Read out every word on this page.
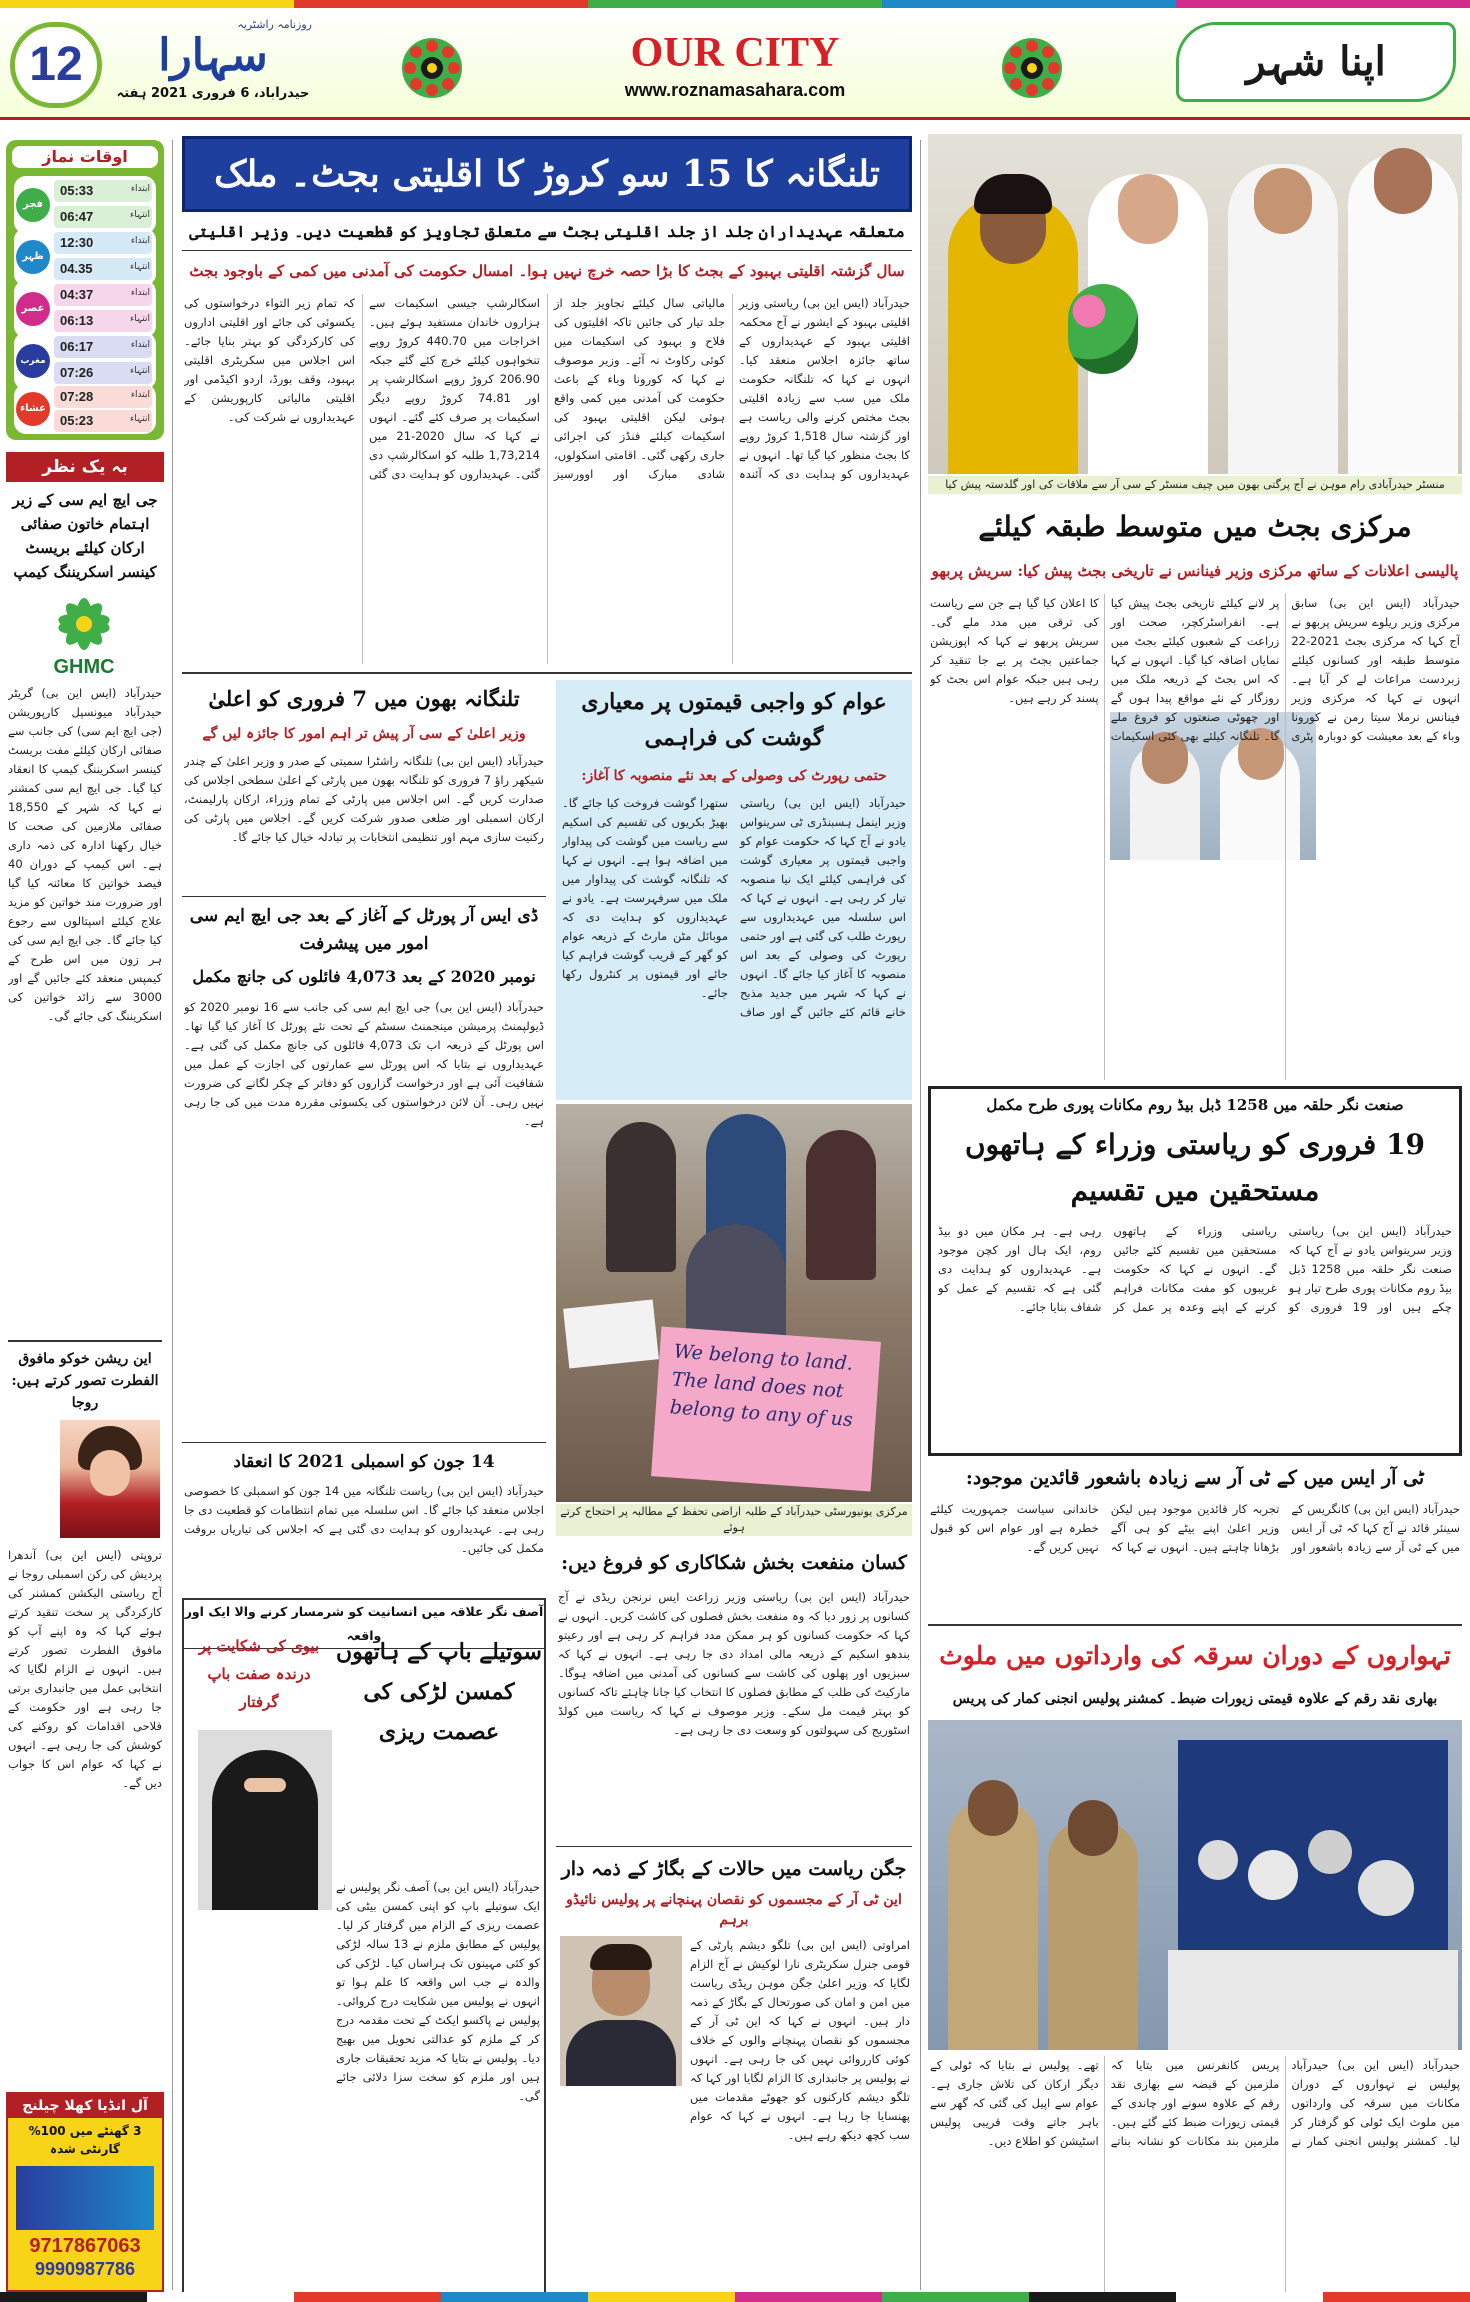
12
روزنامہ راشٹریہ
سہارا
حیدرآباد، 6 فروری 2021 ہفتہ
OUR CITY
www.roznamasahara.com
اپنا شہر
اوقات نماز
فجر
05:33
06:47
ابتداء
انتہاء
ظہر
12:30
04.35
ابتداء
انتہاء
عصر
04:37
06:13
ابتداء
انتہاء
مغرب
06:17
07:26
ابتداء
انتہاء
عشاء
07:28
05:23
ابتداء
انتہاء
بہ یک نظر
جی ایچ ایم سی کے زیر اہتمام خاتون صفائی ارکان کیلئے بریسٹ کینسر اسکریننگ کیمپ
GHMC
حیدرآباد (ایس این بی) گریٹر حیدرآباد میونسپل کارپوریشن (جی ایچ ایم سی) کی جانب سے صفائی ارکان کیلئے مفت بریسٹ کینسر اسکریننگ کیمپ کا انعقاد کیا گیا۔ جی ایچ ایم سی کمشنر نے کہا کہ شہر کے 18,550 صفائی ملازمین کی صحت کا خیال رکھنا ادارہ کی ذمہ داری ہے۔ اس کیمپ کے دوران 40 فیصد خواتین کا معائنہ کیا گیا اور ضرورت مند خواتین کو مزید علاج کیلئے اسپتالوں سے رجوع کیا جائے گا۔ جی ایچ ایم سی کی ہر زون میں اس طرح کے کیمپس منعقد کئے جائیں گے اور 3000 سے زائد خواتین کی اسکریننگ کی جائے گی۔
این ریشن خوکو مافوق الفطرت تصور کرتے ہیں: روجا
تروپتی (ایس این بی) آندھرا پردیش کی رکن اسمبلی روجا نے آج ریاستی الیکشن کمشنر کی کارکردگی پر سخت تنقید کرتے ہوئے کہا کہ وہ اپنے آپ کو مافوق الفطرت تصور کرتے ہیں۔ انہوں نے الزام لگایا کہ انتخابی عمل میں جانبداری برتی جا رہی ہے اور حکومت کے فلاحی اقدامات کو روکنے کی کوشش کی جا رہی ہے۔ انہوں نے کہا کہ عوام اس کا جواب دیں گے۔
آل انڈیا کھلا چیلنج
3 گھنٹے میں 100% گارنٹی شدہ
9717867063
9990987786
تلنگانہ کا 15 سو کروڑ کا اقلیتی بجٹ۔ ملک
متعلقہ عہدیداران جلد از جلد اقلیتی بجٹ سے متعلق تجاویز کو قطعیت دیں۔ وزیر اقلیتی
سال گزشتہ اقلیتی بہبود کے بجٹ کا بڑا حصہ خرچ نہیں ہوا۔ امسال حکومت کی آمدنی میں کمی کے باوجود بجٹ
حیدرآباد (ایس این بی) ریاستی وزیر اقلیتی بہبود کے ایشور نے آج محکمہ اقلیتی بہبود کے عہدیداروں کے ساتھ جائزہ اجلاس منعقد کیا۔ انہوں نے کہا کہ تلنگانہ حکومت ملک میں سب سے زیادہ اقلیتی بجٹ مختص کرنے والی ریاست ہے اور گزشتہ سال 1,518 کروڑ روپے کا بجٹ منظور کیا گیا تھا۔ انہوں نے عہدیداروں کو ہدایت دی کہ آئندہ مالیاتی سال کیلئے تجاویز جلد از جلد تیار کی جائیں تاکہ اقلیتوں کی فلاح و بہبود کی اسکیمات میں کوئی رکاوٹ نہ آئے۔ وزیر موصوف نے کہا کہ کورونا وباء کے باعث حکومت کی آمدنی میں کمی واقع ہوئی لیکن اقلیتی بہبود کی اسکیمات کیلئے فنڈز کی اجرائی جاری رکھی گئی۔ اقامتی اسکولوں، شادی مبارک اور اوورسیز اسکالرشپ جیسی اسکیمات سے ہزاروں خاندان مستفید ہوئے ہیں۔ اخراجات میں 440.70 کروڑ روپے تنخواہوں کیلئے خرچ کئے گئے جبکہ 206.90 کروڑ روپے اسکالرشپ پر اور 74.81 کروڑ روپے دیگر اسکیمات پر صرف کئے گئے۔ انہوں نے کہا کہ سال 2020-21 میں 1,73,214 طلبہ کو اسکالرشپ دی گئی۔ عہدیداروں کو ہدایت دی گئی کہ تمام زیر التواء درخواستوں کی یکسوئی کی جائے اور اقلیتی اداروں کی کارکردگی کو بہتر بنایا جائے۔ اس اجلاس میں سکریٹری اقلیتی بہبود، وقف بورڈ، اردو اکیڈمی اور اقلیتی مالیاتی کارپوریشن کے عہدیداروں نے شرکت کی۔
تلنگانہ بھون میں 7 فروری کو اعلیٰ
وزیر اعلیٰ کے سی آر پیش تر اہم امور کا جائزہ لیں گے
حیدرآباد (ایس این بی) تلنگانہ راشٹرا سمیتی کے صدر و وزیر اعلیٰ کے چندر شیکھر راؤ 7 فروری کو تلنگانہ بھون میں پارٹی کے اعلیٰ سطحی اجلاس کی صدارت کریں گے۔ اس اجلاس میں پارٹی کے تمام وزراء، ارکان پارلیمنٹ، ارکان اسمبلی اور ضلعی صدور شرکت کریں گے۔ اجلاس میں پارٹی کی رکنیت سازی مہم اور تنظیمی انتخابات پر تبادلہ خیال کیا جائے گا۔
ڈی ایس آر پورٹل کے آغاز کے بعد جی ایچ ایم سی امور میں پیشرفت
نومبر 2020 کے بعد 4,073 فائلوں کی جانچ مکمل
حیدرآباد (ایس این بی) جی ایچ ایم سی کی جانب سے 16 نومبر 2020 کو ڈیولپمنٹ پرمیشن مینجمنٹ سسٹم کے تحت نئے پورٹل کا آغاز کیا گیا تھا۔ اس پورٹل کے ذریعہ اب تک 4,073 فائلوں کی جانچ مکمل کی گئی ہے۔ عہدیداروں نے بتایا کہ اس پورٹل سے عمارتوں کی اجازت کے عمل میں شفافیت آئی ہے اور درخواست گزاروں کو دفاتر کے چکر لگانے کی ضرورت نہیں رہی۔ آن لائن درخواستوں کی یکسوئی مقررہ مدت میں کی جا رہی ہے۔
14 جون کو اسمبلی 2021 کا انعقاد
حیدرآباد (ایس این بی) ریاست تلنگانہ میں 14 جون کو اسمبلی کا خصوصی اجلاس منعقد کیا جائے گا۔ اس سلسلہ میں تمام انتظامات کو قطعیت دی جا رہی ہے۔ عہدیداروں کو ہدایت دی گئی ہے کہ اجلاس کی تیاریاں بروقت مکمل کی جائیں۔
آصف نگر علاقہ میں انسانیت کو شرمسار کرنے والا ایک اور واقعہ
سوتیلے باپ کے ہاتھوں کمسن لڑکی کی عصمت ریزی
بیوی کی شکایت پر درندہ صفت باپ گرفتار
حیدرآباد (ایس این بی) آصف نگر پولیس نے ایک سوتیلے باپ کو اپنی کمسن بیٹی کی عصمت ریزی کے الزام میں گرفتار کر لیا۔ پولیس کے مطابق ملزم نے 13 سالہ لڑکی کو کئی مہینوں تک ہراساں کیا۔ لڑکی کی والدہ نے جب اس واقعہ کا علم ہوا تو انہوں نے پولیس میں شکایت درج کروائی۔ پولیس نے پاکسو ایکٹ کے تحت مقدمہ درج کر کے ملزم کو عدالتی تحویل میں بھیج دیا۔ پولیس نے بتایا کہ مزید تحقیقات جاری ہیں اور ملزم کو سخت سزا دلائی جائے گی۔
عوام کو واجبی قیمتوں پر معیاری گوشت کی فراہمی
حتمی رپورٹ کی وصولی کے بعد نئے منصوبہ کا آغاز:
حیدرآباد (ایس این بی) ریاستی وزیر اینمل ہسبنڈری ٹی سرینواس یادو نے آج کہا کہ حکومت عوام کو واجبی قیمتوں پر معیاری گوشت کی فراہمی کیلئے ایک نیا منصوبہ تیار کر رہی ہے۔ انہوں نے کہا کہ اس سلسلہ میں عہدیداروں سے رپورٹ طلب کی گئی ہے اور حتمی رپورٹ کی وصولی کے بعد اس منصوبہ کا آغاز کیا جائے گا۔ انہوں نے کہا کہ شہر میں جدید مذبح خانے قائم کئے جائیں گے اور صاف ستھرا گوشت فروخت کیا جائے گا۔ بھیڑ بکریوں کی تقسیم کی اسکیم سے ریاست میں گوشت کی پیداوار میں اضافہ ہوا ہے۔ انہوں نے کہا کہ تلنگانہ گوشت کی پیداوار میں ملک میں سرفہرست ہے۔ یادو نے عہدیداروں کو ہدایت دی کہ موبائل مٹن مارٹ کے ذریعہ عوام کو گھر کے قریب گوشت فراہم کیا جائے اور قیمتوں پر کنٹرول رکھا جائے۔
We belong to land. The land does not belong to any of us
مرکزی یونیورسٹی حیدرآباد کے طلبہ اراضی تحفظ کے مطالبہ پر احتجاج کرتے ہوئے
کسان منفعت بخش شکاکاری کو فروغ دیں:
حیدرآباد (ایس این بی) ریاستی وزیر زراعت ایس نرنجن ریڈی نے آج کسانوں پر زور دیا کہ وہ منفعت بخش فصلوں کی کاشت کریں۔ انہوں نے کہا کہ حکومت کسانوں کو ہر ممکن مدد فراہم کر رہی ہے اور رعیتو بندھو اسکیم کے ذریعہ مالی امداد دی جا رہی ہے۔ انہوں نے کہا کہ سبزیوں اور پھلوں کی کاشت سے کسانوں کی آمدنی میں اضافہ ہوگا۔ مارکیٹ کی طلب کے مطابق فصلوں کا انتخاب کیا جانا چاہئے تاکہ کسانوں کو بہتر قیمت مل سکے۔ وزیر موصوف نے کہا کہ ریاست میں کولڈ اسٹوریج کی سہولتوں کو وسعت دی جا رہی ہے۔
جگن ریاست میں حالات کے بگاڑ کے ذمہ دار
این ٹی آر کے مجسموں کو نقصان پہنچانے پر پولیس نائیڈو برہم
امراوتی (ایس این بی) تلگو دیشم پارٹی کے قومی جنرل سکریٹری نارا لوکیش نے آج الزام لگایا کہ وزیر اعلیٰ جگن موہن ریڈی ریاست میں امن و امان کی صورتحال کے بگاڑ کے ذمہ دار ہیں۔ انہوں نے کہا کہ این ٹی آر کے مجسموں کو نقصان پہنچانے والوں کے خلاف کوئی کارروائی نہیں کی جا رہی ہے۔ انہوں نے پولیس پر جانبداری کا الزام لگایا اور کہا کہ تلگو دیشم کارکنوں کو جھوٹے مقدمات میں پھنسایا جا رہا ہے۔ انہوں نے کہا کہ عوام سب کچھ دیکھ رہے ہیں۔
منسٹر حیدرآبادی رام موہن نے آج پرگتی بھون میں چیف منسٹر کے سی آر سے ملاقات کی اور گلدستہ پیش کیا
مرکزی بجٹ میں متوسط طبقہ کیلئے
پالیسی اعلانات کے ساتھ مرکزی وزیر فینانس نے تاریخی بجٹ پیش کیا: سریش پربھو
حیدرآباد (ایس این بی) سابق مرکزی وزیر ریلوے سریش پربھو نے آج کہا کہ مرکزی بجٹ 2021-22 متوسط طبقہ اور کسانوں کیلئے زبردست مراعات لے کر آیا ہے۔ انہوں نے کہا کہ مرکزی وزیر فینانس نرملا سیتا رمن نے کورونا وباء کے بعد معیشت کو دوبارہ پٹری پر لانے کیلئے تاریخی بجٹ پیش کیا ہے۔ انفراسٹرکچر، صحت اور زراعت کے شعبوں کیلئے بجٹ میں نمایاں اضافہ کیا گیا۔ انہوں نے کہا کہ اس بجٹ کے ذریعہ ملک میں روزگار کے نئے مواقع پیدا ہوں گے اور چھوٹی صنعتوں کو فروغ ملے گا۔ تلنگانہ کیلئے بھی کئی اسکیمات کا اعلان کیا گیا ہے جن سے ریاست کی ترقی میں مدد ملے گی۔ سریش پربھو نے کہا کہ اپوزیشن جماعتیں بجٹ پر بے جا تنقید کر رہی ہیں جبکہ عوام اس بجٹ کو پسند کر رہے ہیں۔
صنعت نگر حلقہ میں 1258 ڈبل بیڈ روم مکانات پوری طرح مکمل
19 فروری کو ریاستی وزراء کے ہاتھوں مستحقین میں تقسیم
حیدرآباد (ایس این بی) ریاستی وزیر سرینواس یادو نے آج کہا کہ صنعت نگر حلقہ میں 1258 ڈبل بیڈ روم مکانات پوری طرح تیار ہو چکے ہیں اور 19 فروری کو ریاستی وزراء کے ہاتھوں مستحقین میں تقسیم کئے جائیں گے۔ انہوں نے کہا کہ حکومت غریبوں کو مفت مکانات فراہم کرنے کے اپنے وعدہ پر عمل کر رہی ہے۔ ہر مکان میں دو بیڈ روم، ایک ہال اور کچن موجود ہے۔ عہدیداروں کو ہدایت دی گئی ہے کہ تقسیم کے عمل کو شفاف بنایا جائے۔
ٹی آر ایس میں کے ٹی آر سے زیادہ باشعور قائدین موجود:
حیدرآباد (ایس این بی) کانگریس کے سینئر قائد نے آج کہا کہ ٹی آر ایس میں کے ٹی آر سے زیادہ باشعور اور تجربہ کار قائدین موجود ہیں لیکن وزیر اعلیٰ اپنے بیٹے کو ہی آگے بڑھانا چاہتے ہیں۔ انہوں نے کہا کہ خاندانی سیاست جمہوریت کیلئے خطرہ ہے اور عوام اس کو قبول نہیں کریں گے۔
تہواروں کے دوران سرقہ کی وارداتوں میں ملوث
بھاری نقد رقم کے علاوہ قیمتی زیورات ضبط۔ کمشنر پولیس انجنی کمار کی پریس
حیدرآباد (ایس این بی) حیدرآباد پولیس نے تہواروں کے دوران مکانات میں سرقہ کی وارداتوں میں ملوث ایک ٹولی کو گرفتار کر لیا۔ کمشنر پولیس انجنی کمار نے پریس کانفرنس میں بتایا کہ ملزمین کے قبضہ سے بھاری نقد رقم کے علاوہ سونے اور چاندی کے قیمتی زیورات ضبط کئے گئے ہیں۔ ملزمین بند مکانات کو نشانہ بناتے تھے۔ پولیس نے بتایا کہ ٹولی کے دیگر ارکان کی تلاش جاری ہے۔ عوام سے اپیل کی گئی کہ گھر سے باہر جاتے وقت قریبی پولیس اسٹیشن کو اطلاع دیں۔
